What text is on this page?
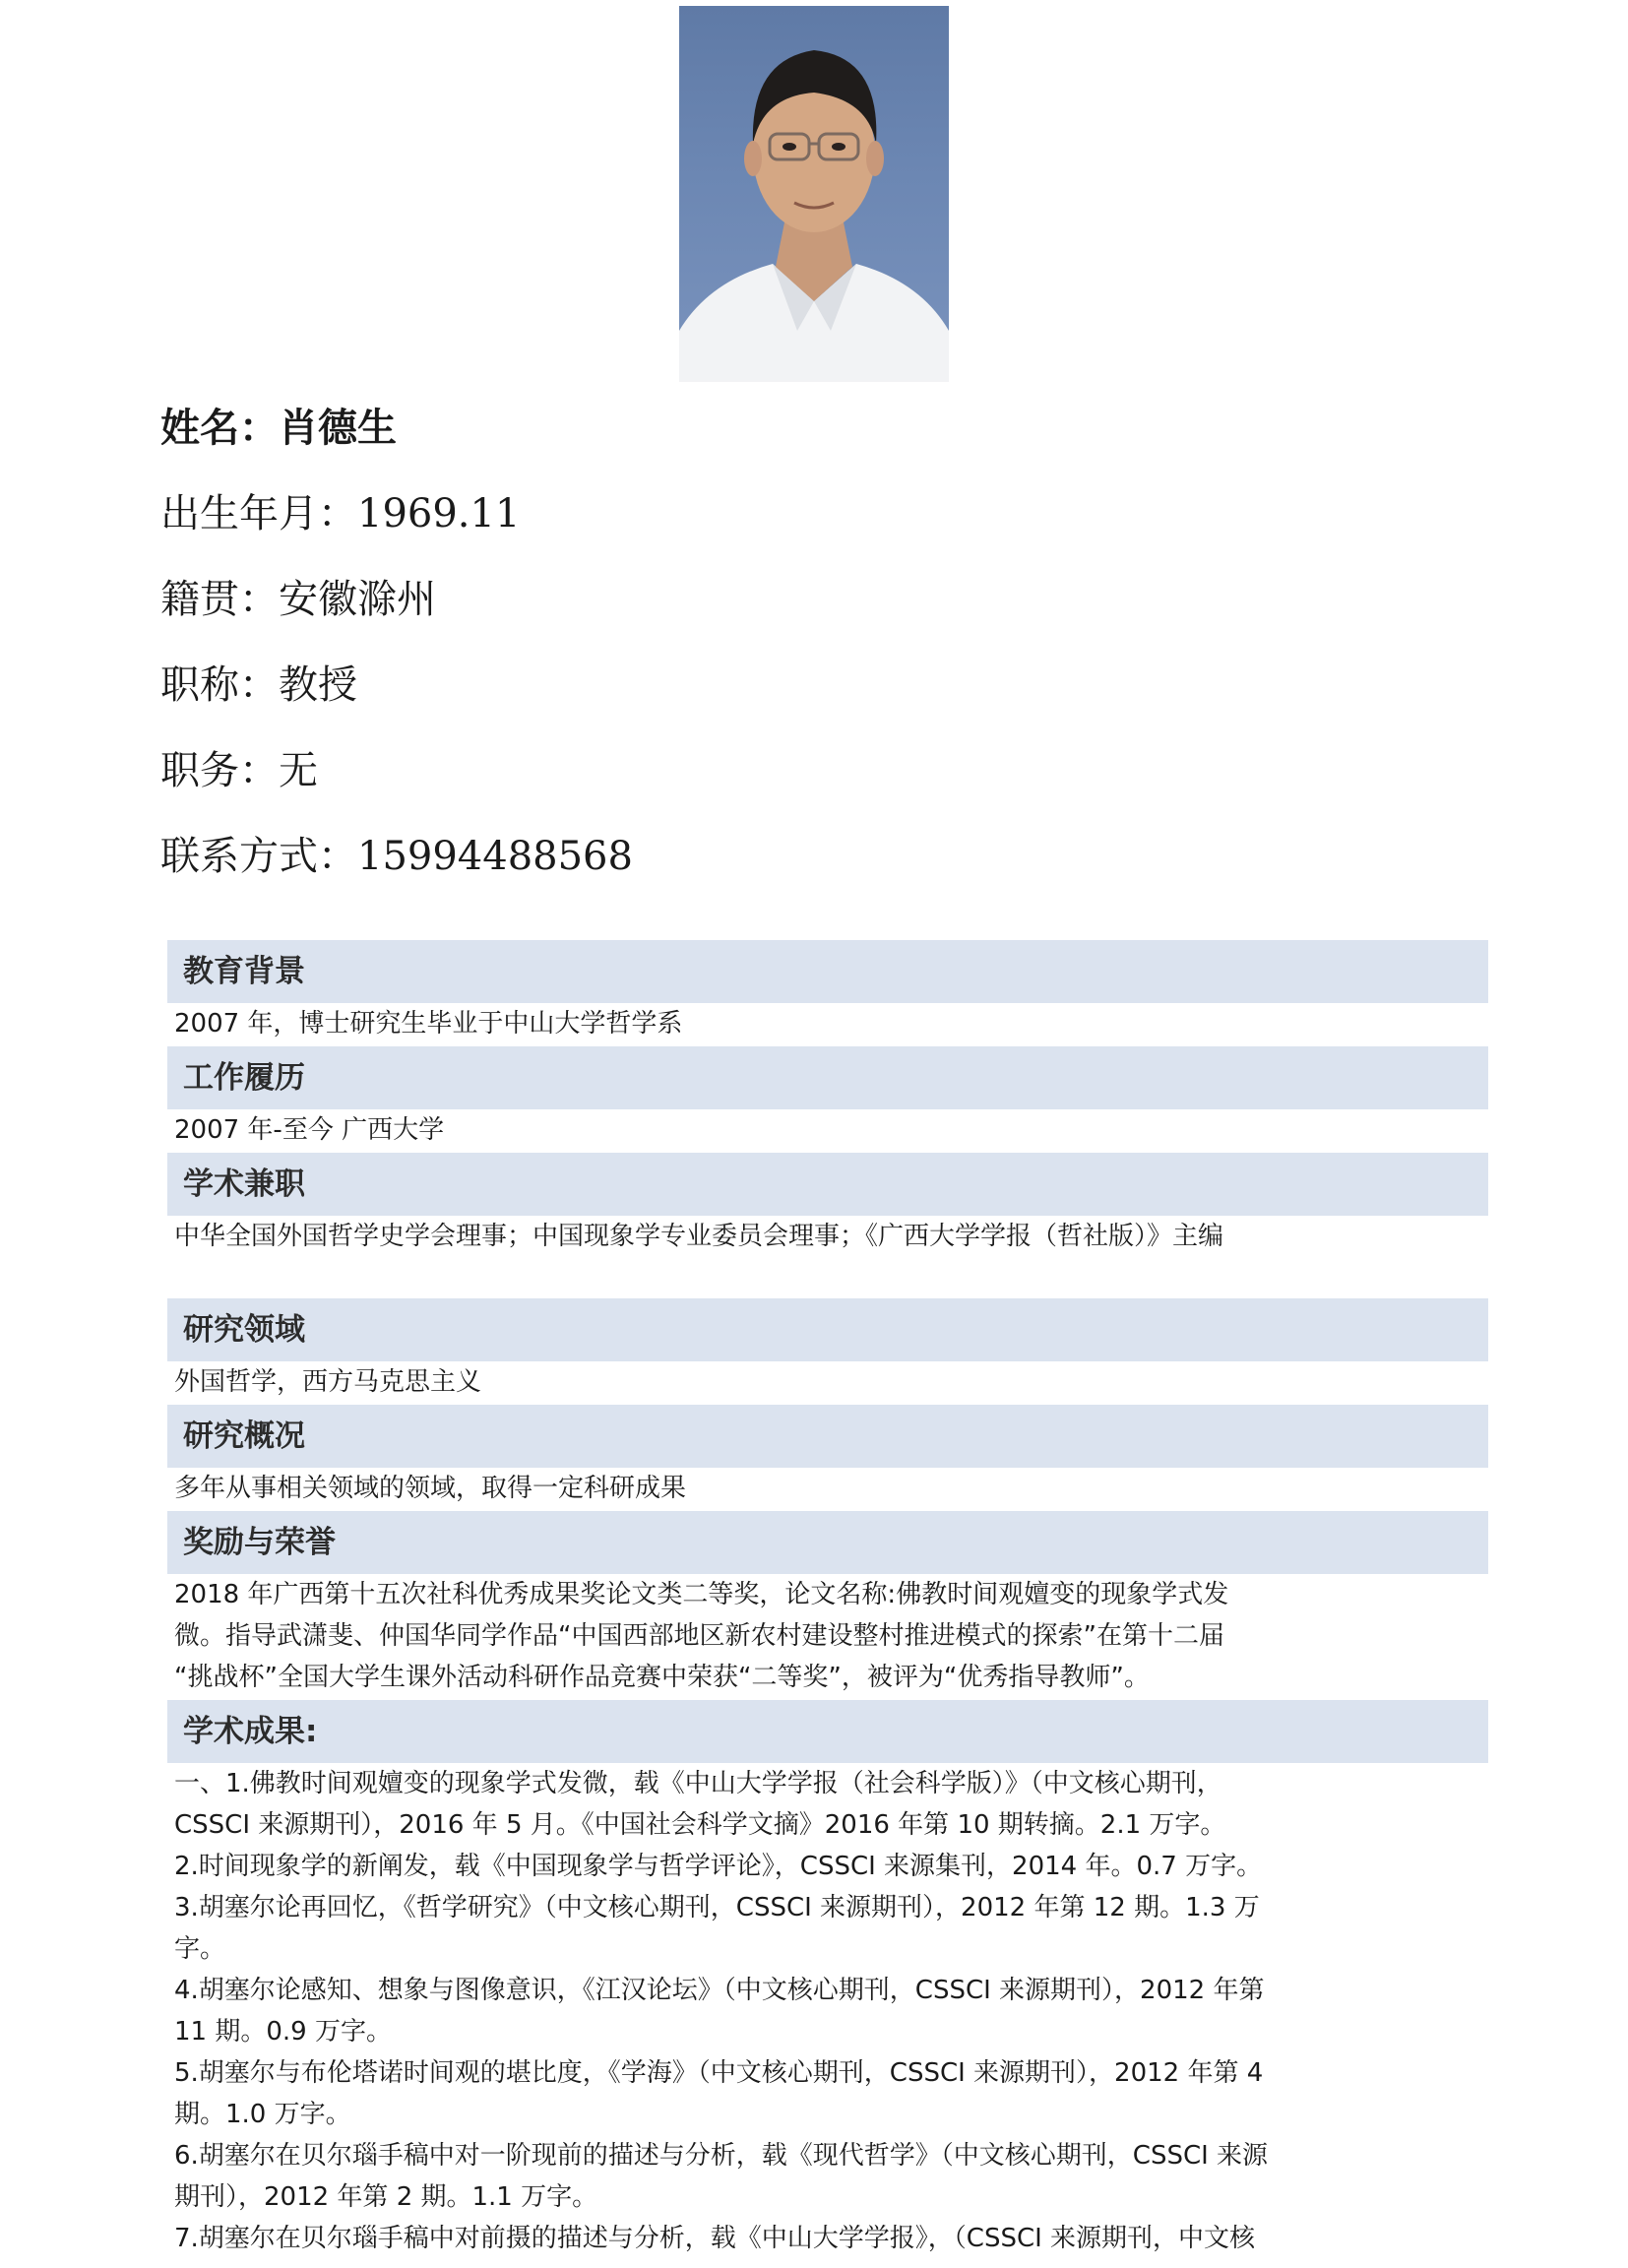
姓名：肖德生
出生年月：1969.11
籍贯：安徽滁州
职称：教授
职务：无
联系方式：15994488568
教育背景

2007 年，博士研究生毕业于中山大学哲学系

工作履历

2007 年-至今 广西大学

学术兼职

中华全国外国哲学史学会理事；中国现象学专业委员会理事；《广西大学学报（哲社版）》主编

研究领域

外国哲学，西方马克思主义

研究概况

多年从事相关领域的领域，取得一定科研成果

奖励与荣誉

2018 年广西第十五次社科优秀成果奖论文类二等奖，论文名称:佛教时间观嬗变的现象学式发

微。指导武潇斐、仲国华同学作品“中国西部地区新农村建设整村推进模式的探索”在第十二届

“挑战杯”全国大学生课外活动科研作品竞赛中荣获“二等奖”，被评为“优秀指导教师”。

学术成果:

一、1.佛教时间观嬗变的现象学式发微，载《中山大学学报（社会科学版）》（中文核心期刊，

CSSCI 来源期刊），2016 年 5 月。《中国社会科学文摘》2016 年第 10 期转摘。2.1 万字。

2.时间现象学的新阐发，载《中国现象学与哲学评论》，CSSCI 来源集刊，2014 年。0.7 万字。

3.胡塞尔论再回忆，《哲学研究》（中文核心期刊，CSSCI 来源期刊），2012 年第 12 期。1.3 万

字。

4.胡塞尔论感知、想象与图像意识，《江汉论坛》（中文核心期刊，CSSCI 来源期刊），2012 年第

11 期。0.9 万字。

5.胡塞尔与布伦塔诺时间观的堪比度，《学海》（中文核心期刊，CSSCI 来源期刊），2012 年第 4

期。1.0 万字。

6.胡塞尔在贝尔瑙手稿中对一阶现前的描述与分析，载《现代哲学》（中文核心期刊，CSSCI 来源

期刊），2012 年第 2 期。1.1 万字。

7.胡塞尔在贝尔瑙手稿中对前摄的描述与分析，载《中山大学学报》，（CSSCI 来源期刊，中文核
